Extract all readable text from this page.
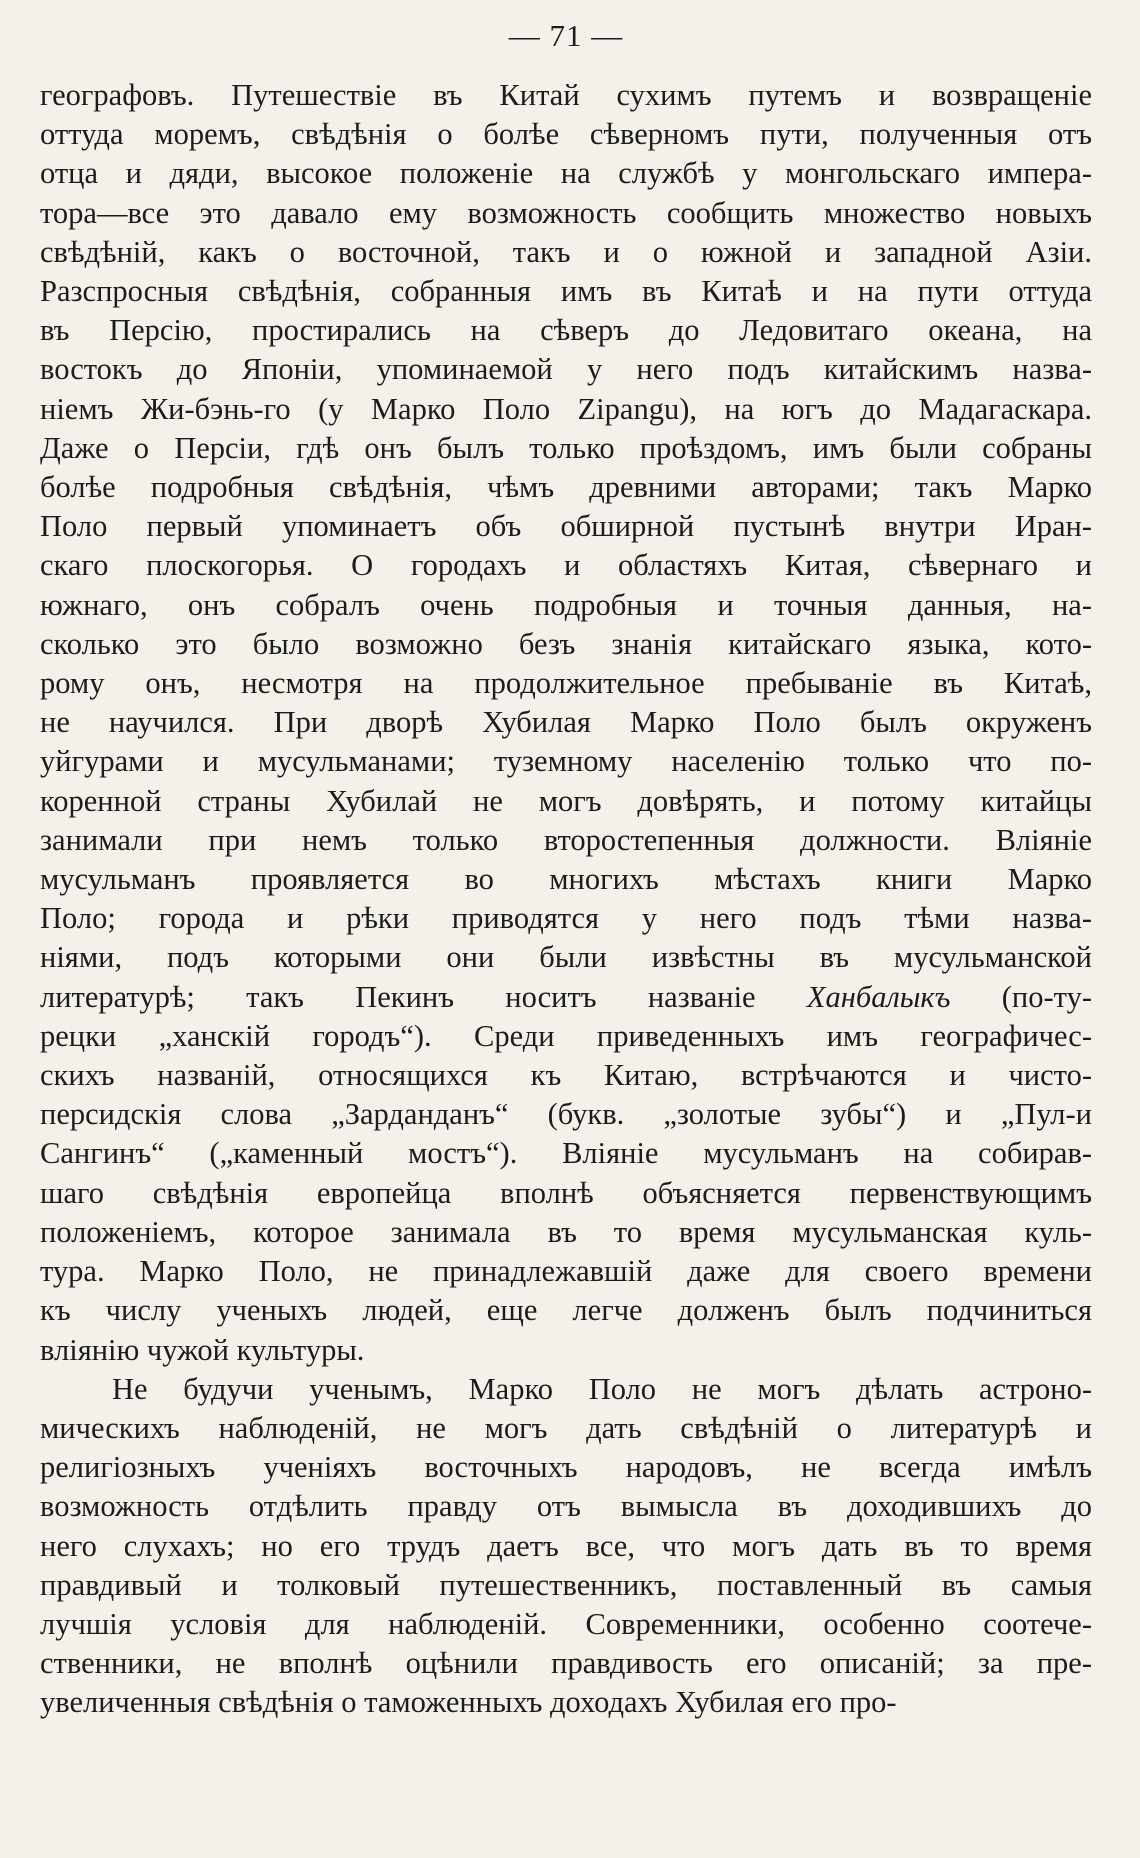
— 71 —

географовъ. Путешествіе въ Китай сухимъ путемъ и возвращеніе
оттуда моремъ, свѣдѣнія о болѣе сѣверномъ пути, полученныя отъ
отца и дяди, высокое положеніе на службѣ у монгольскаго импера-
тора—все это давало ему возможность сообщить множество новыхъ
свѣдѣній, какъ о восточной, такъ и о южной и западной Азіи.
Разспросныя свѣдѣнія, собранныя имъ въ Китаѣ и на пути оттуда
въ Персію, простирались на сѣверъ до Ледовитаго океана, на
востокъ до Японіи, упоминаемой у него подъ китайскимъ назва-
ніемъ Жи-бэнь-го (у Марко Поло Zipangu), на югъ до Мадагаскара.
Даже о Персіи, гдѣ онъ былъ только проѣздомъ, имъ были собраны
болѣе подробныя свѣдѣнія, чѣмъ древними авторами; такъ Марко
Поло первый упоминаетъ объ обширной пустынѣ внутри Иран-
скаго плоскогорья. О городахъ и областяхъ Китая, сѣвернаго и
южнаго, онъ собралъ очень подробныя и точныя данныя, на-
сколько это было возможно безъ знанія китайскаго языка, кото-
рому онъ, несмотря на продолжительное пребываніе въ Китаѣ,
не научился. При дворѣ Хубилая Марко Поло былъ окруженъ
уйгурами и мусульманами; туземному населенію только что по-
коренной страны Хубилай не могъ довѣрять, и потому китайцы
занимали при немъ только второстепенныя должности. Вліяніе
мусульманъ проявляется во многихъ мѣстахъ книги Марко
Поло; города и рѣки приводятся у него подъ тѣми назва-
ніями, подъ которыми они были извѣстны въ мусульманской
литературѣ; такъ Пекинъ носитъ названіе Ханбалыкъ (по-ту-
рецки „ханскій городъ“). Среди приведенныхъ имъ географичес-
скихъ названій, относящихся къ Китаю, встрѣчаются и чисто-
персидскія слова „Зарданданъ“ (букв. „золотые зубы“) и „Пул-и
Сангинъ“ („каменный мостъ“). Вліяніе мусульманъ на собирав-
шаго свѣдѣнія европейца вполнѣ объясняется первенствующимъ
положеніемъ, которое занимала въ то время мусульманская куль-
тура. Марко Поло, не принадлежавшій даже для своего времени
къ числу ученыхъ людей, еще легче долженъ былъ подчиниться
вліянію чужой культуры.

Не будучи ученымъ, Марко Поло не могъ дѣлать астроно-
мическихъ наблюденій, не могъ дать свѣдѣній о литературѣ и
религіозныхъ ученіяхъ восточныхъ народовъ, не всегда имѣлъ
возможность отдѣлить правду отъ вымысла въ доходившихъ до
него слухахъ; но его трудъ даетъ все, что могъ дать въ то время
правдивый и толковый путешественникъ, поставленный въ самыя
лучшія условія для наблюденій. Современники, особенно соотече-
ственники, не вполнѣ оцѣнили правдивость его описаній; за пре-
увеличенныя свѣдѣнія о таможенныхъ доходахъ Хубилая его про-
